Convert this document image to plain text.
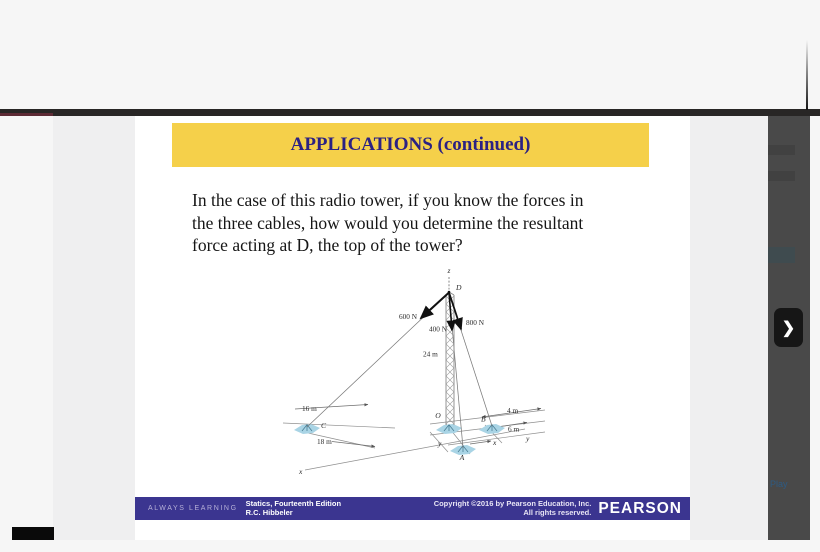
❯
Play
APPLICATIONS (continued)
In the case of this radio tower, if you know the forces in
the three cables, how would you determine the resultant
force acting at D, the top of the tower?
z
D
600 N
400 N
800 N
24 m
16 m
18 m
4 m
6 m
O	B
A
C
x
x
y
y
ALWAYS LEARNING
Statics, Fourteenth Edition
R.C. Hibbeler
Copyright ©2016 by Pearson Education, Inc.
All rights reserved. PEARSON
